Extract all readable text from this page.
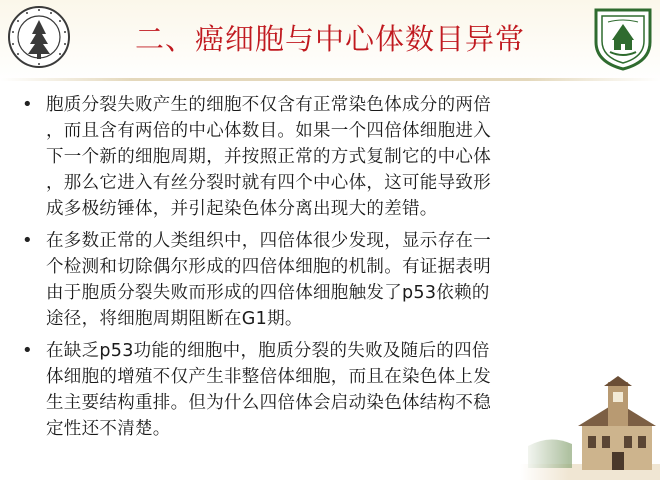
二、癌细胞与中心体数目异常
• 胞质分裂失败产生的细胞不仅含有正常染色体成分的两倍
，而且含有两倍的中心体数目。如果一个四倍体细胞进入
下一个新的细胞周期，并按照正常的方式复制它的中心体
，那么它进入有丝分裂时就有四个中心体，这可能导致形
成多极纺锤体，并引起染色体分离出现大的差错。
• 在多数正常的人类组织中，四倍体很少发现，显示存在一
个检测和切除偶尔形成的四倍体细胞的机制。有证据表明
由于胞质分裂失败而形成的四倍体细胞触发了p53依赖的
途径，将细胞周期阻断在G1期。
• 在缺乏p53功能的细胞中，胞质分裂的失败及随后的四倍
体细胞的增殖不仅产生非整倍体细胞，而且在染色体上发
生主要结构重排。但为什么四倍体会启动染色体结构不稳
定性还不清楚。
